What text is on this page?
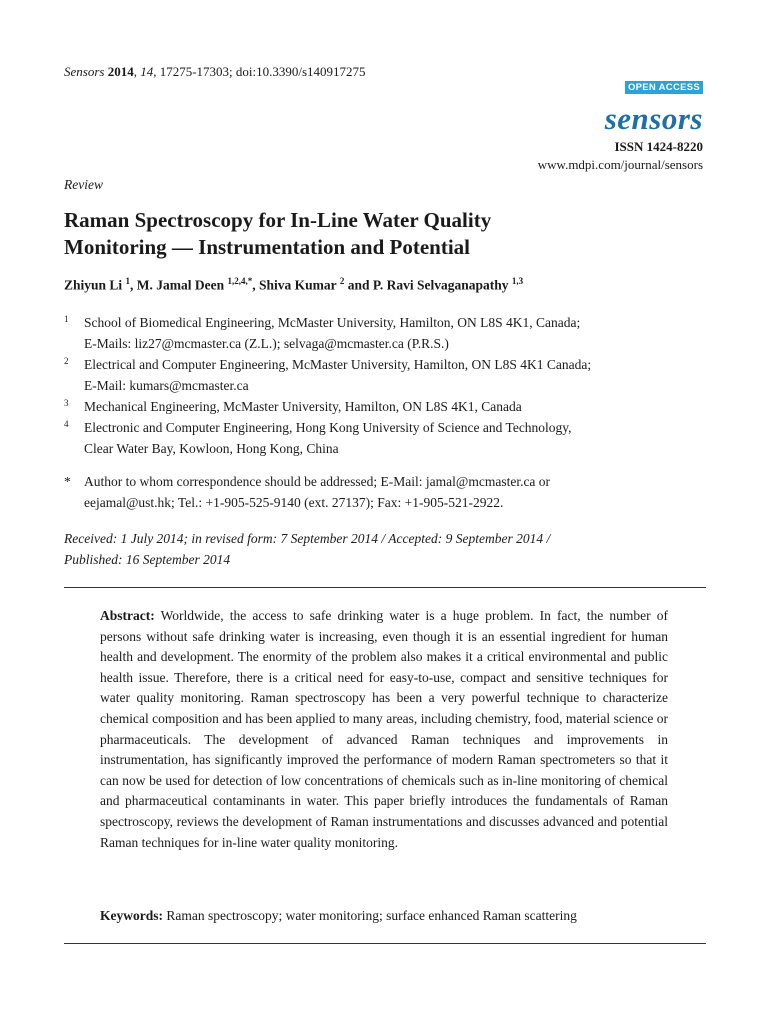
Sensors 2014, 14, 17275-17303; doi:10.3390/s140917275
OPEN ACCESS
sensors
ISSN 1424-8220
www.mdpi.com/journal/sensors
Review
Raman Spectroscopy for In-Line Water Quality
Monitoring — Instrumentation and Potential
Zhiyun Li $^1$, M. Jamal Deen $^{1,2,4,*}$, Shiva Kumar $^2$ and P. Ravi Selvaganapathy $^{1,3}$
1 School of Biomedical Engineering, McMaster University, Hamilton, ON L8S 4K1, Canada;
E-Mails: liz27@mcmaster.ca (Z.L.); selvaga@mcmaster.ca (P.R.S.)
2 Electrical and Computer Engineering, McMaster University, Hamilton, ON L8S 4K1 Canada;
E-Mail: kumars@mcmaster.ca
3 Mechanical Engineering, McMaster University, Hamilton, ON L8S 4K1, Canada
4 Electronic and Computer Engineering, Hong Kong University of Science and Technology,
Clear Water Bay, Kowloon, Hong Kong, China
* Author to whom correspondence should be addressed; E-Mail: jamal@mcmaster.ca or
eejamal@ust.hk; Tel.: +1-905-525-9140 (ext. 27137); Fax: +1-905-521-2922.
Received: 1 July 2014; in revised form: 7 September 2014 / Accepted: 9 September 2014 /
Published: 16 September 2014
Abstract: Worldwide, the access to safe drinking water is a huge problem. In fact, the number of persons without safe drinking water is increasing, even though it is an essential ingredient for human health and development. The enormity of the problem also makes it a critical environmental and public health issue. Therefore, there is a critical need for easy-to-use, compact and sensitive techniques for water quality monitoring. Raman spectroscopy has been a very powerful technique to characterize chemical composition and has been applied to many areas, including chemistry, food, material science or pharmaceuticals. The development of advanced Raman techniques and improvements in instrumentation, has significantly improved the performance of modern Raman spectrometers so that it can now be used for detection of low concentrations of chemicals such as in-line monitoring of chemical and pharmaceutical contaminants in water. This paper briefly introduces the fundamentals of Raman spectroscopy, reviews the development of Raman instrumentations and discusses advanced and potential Raman techniques for in-line water quality monitoring.
Keywords: Raman spectroscopy; water monitoring; surface enhanced Raman scattering
